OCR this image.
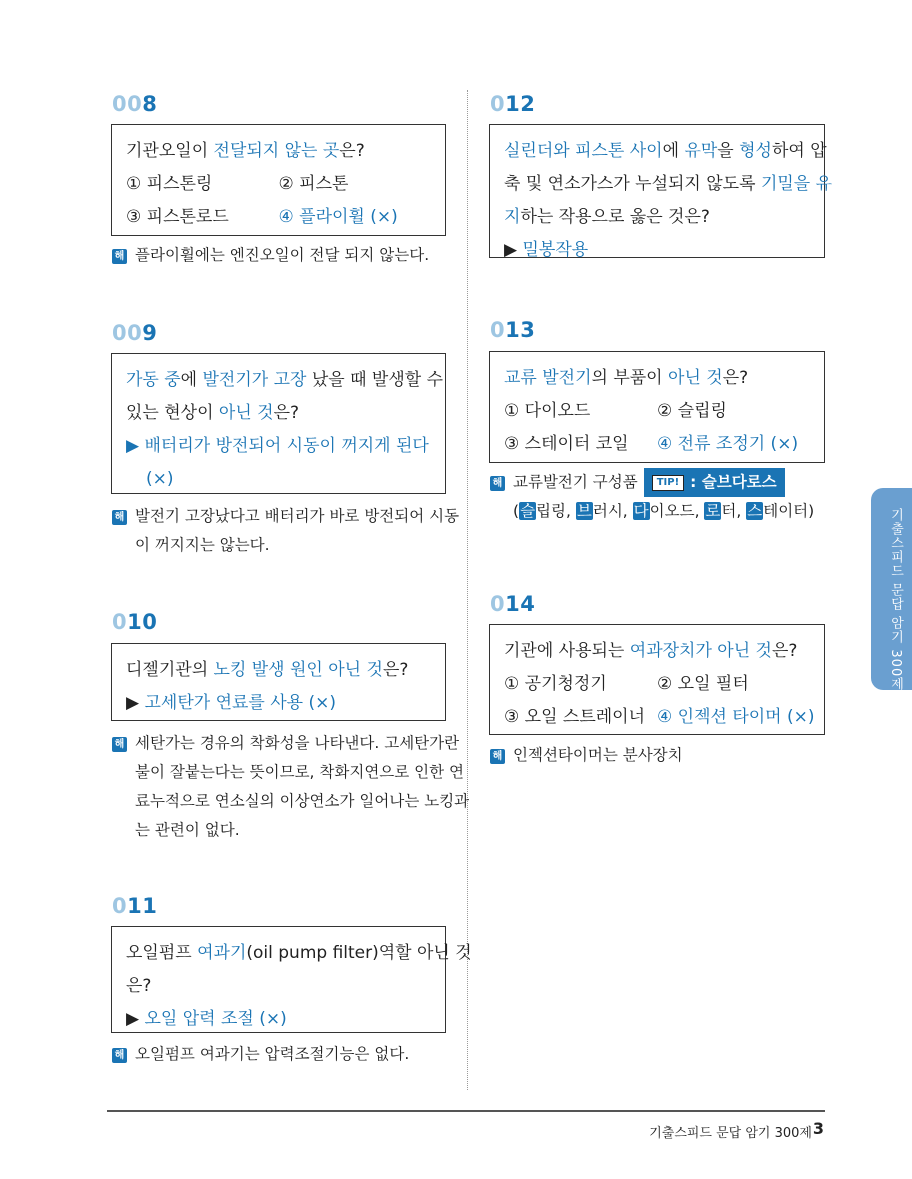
008
기관오일이 전달되지 않는 곳은?
① 피스톤링	② 피스톤
③ 피스톤로드	④ 플라이휠 (×)
해 플라이휠에는 엔진오일이 전달 되지 않는다.
009
가동 중에 발전기가 고장 났을 때 발생할 수
있는 현상이 아닌 것은?
▶ 배터리가 방전되어 시동이 꺼지게 된다
(×)
해 발전기 고장났다고 배터리가 바로 방전되어 시동
이 꺼지지는 않는다.
010
디젤기관의 노킹 발생 원인 아닌 것은?
▶ 고세탄가 연료를 사용 (×)
해 세탄가는 경유의 착화성을 나타낸다. 고세탄가란
불이 잘붙는다는 뜻이므로, 착화지연으로 인한 연
료누적으로 연소실의 이상연소가 일어나는 노킹과
는 관련이 없다.
011
오일펌프 여과기(oil pump filter)역할 아닌 것
은?
▶ 오일 압력 조절 (×)
해 오일펌프 여과기는 압력조절기능은 없다.
012
실린더와 피스톤 사이에 유막을 형성하여 압
축 및 연소가스가 누설되지 않도록 기밀을 유
지하는 작용으로 옳은 것은?
▶ 밀봉작용
013
교류 발전기의 부품이 아닌 것은?
① 다이오드	② 슬립링
③ 스테이터 코일	④ 전류 조정기 (×)
해 교류발전기 구성품 TIP! : 슬브다로스
(슬립링, 브러시, 다이오드, 로터, 스테이터)
014
기관에 사용되는 여과장치가 아닌 것은?
① 공기청정기	② 오일 필터
③ 오일 스트레이너 ④ 인젝션 타이머 (×)
해 인젝션타이머는 분사장치
기출스피드 문답 암기 300제
기출스피드 문답 암기 300제 3
